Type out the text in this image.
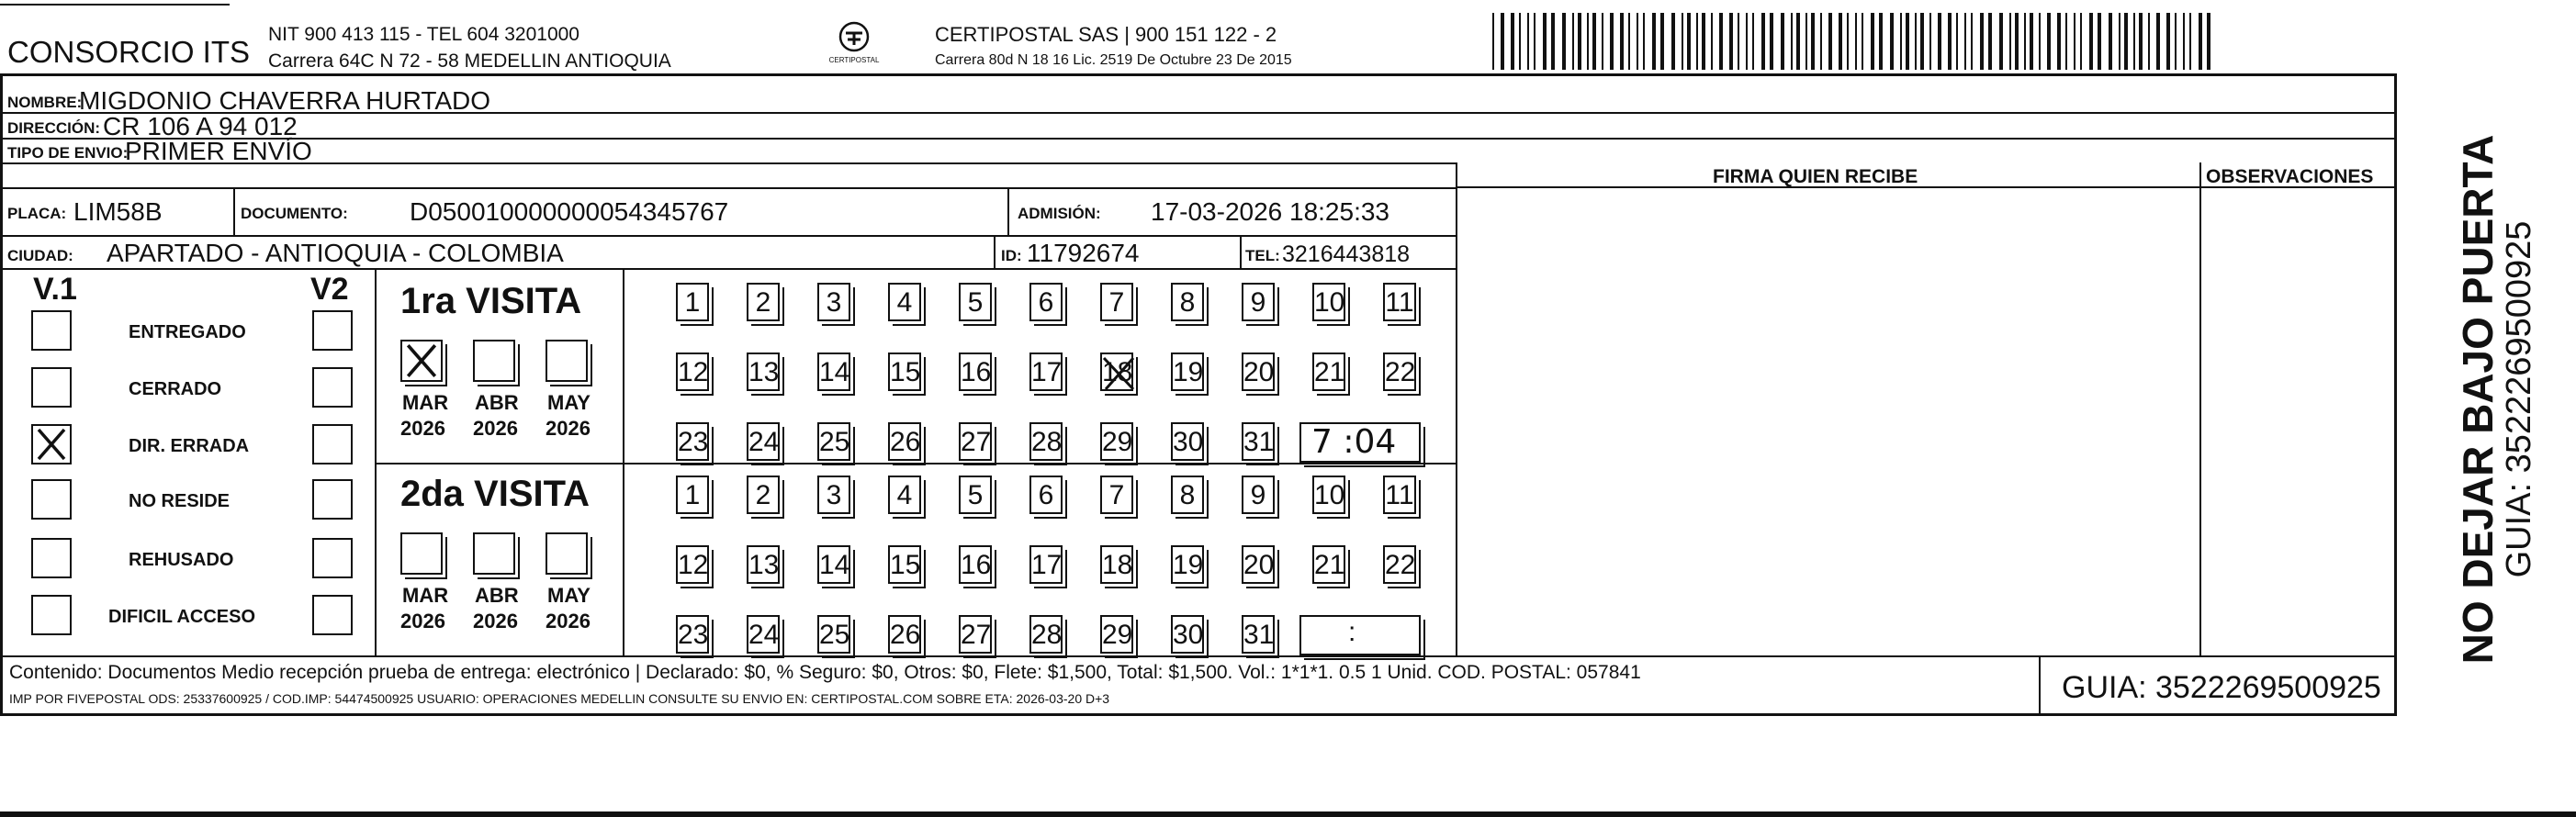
CONSORCIO ITS
NIT 900 413 115 - TEL 604 3201000
Carrera 64C N 72 - 58 MEDELLIN ANTIOQUIA	CERTIPOSTAL
CERTIPOSTAL SAS | 900 151 122 - 2
Carrera 80d N 18 16 Lic. 2519 De Octubre 23 De 2015
NOMBRE:
MIGDONIO CHAVERRA HURTADO
DIRECCIÓN: CR 106 A 94 012
TIPO DE ENVIO:
PRIMER ENVÍO
FIRMA QUIEN RECIBE	OBSERVACIONES
PLACA: LIM58B	DOCUMENTO: D050010000000054345767	ADMISIÓN: 17-03-2026 18:25:33
CIUDAD: APARTADO - ANTIOQUIA - COLOMBIA	ID: 11792674	TEL: 3216443818
V.1	V2 1ra VISITA
2da VISITA
Contenido: Documentos Medio recepción prueba de entrega: electrónico | Declarado: $0, % Seguro: $0, Otros: $0, Flete: $1,500, Total: $1,500. Vol.: 1*1*1. 0.5 1 Unid. COD. POSTAL: 057841
IMP POR FIVEPOSTAL ODS: 25337600925 / COD.IMP: 54474500925 USUARIO: OPERACIONES MEDELLIN CONSULTE SU ENVIO EN: CERTIPOSTAL.COM SOBRE ETA: 2026-03-20 D+3	GUIA: 3522269500925
NO DEJAR BAJO PUERTA
GUIA: 3522269500925
ENTREGADO
CERRADO
DIR. ERRADA
NO RESIDE
REHUSADO
DIFICIL ACCESO
MAR
2026
ABR
2026
MAY
2026
MAR
2026
ABR
2026
MAY
2026
1	2	3	4	5	6	7	8	9	10 11
12 13 14 15 16 17 18 19 20 21 22
23 24 25 26 27 28 29 30 31 7 :04
1	2	3	4	5	6	7	8	9	10 11
12 13 14 15 16 17 18 19 20 21 22
23 24 25 26 27 28 29 30 31	:
